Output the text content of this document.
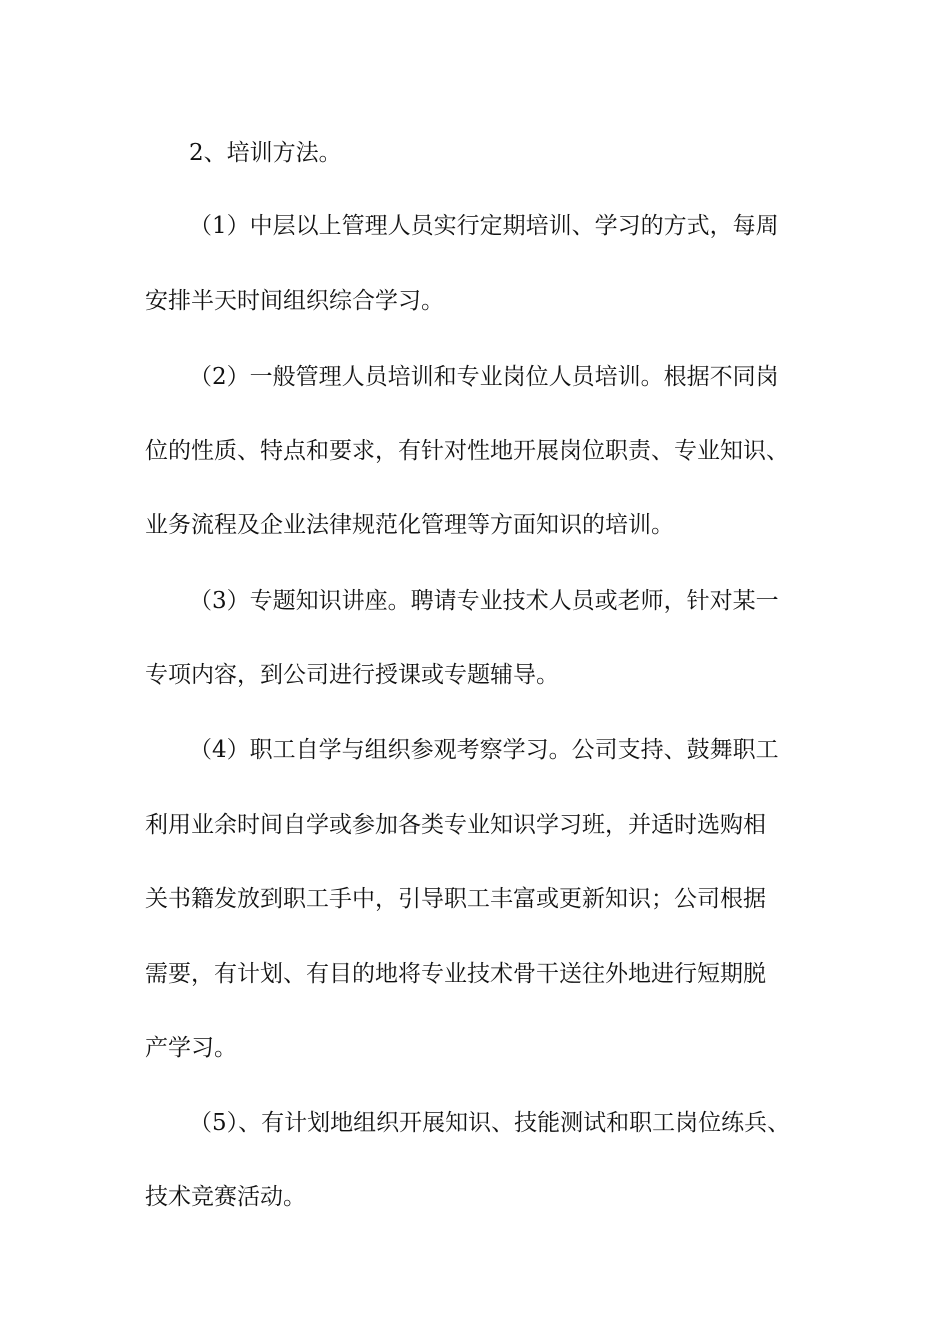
2、培训方法。

（1）中层以上管理人员实行定期培训、学习的方式，每周

安排半天时间组织综合学习。

（2）一般管理人员培训和专业岗位人员培训。根据不同岗

位的性质、特点和要求，有针对性地开展岗位职责、专业知识、

业务流程及企业法律规范化管理等方面知识的培训。

（3）专题知识讲座。聘请专业技术人员或老师，针对某一

专项内容，到公司进行授课或专题辅导。

（4）职工自学与组织参观考察学习。公司支持、鼓舞职工

利用业余时间自学或参加各类专业知识学习班，并适时选购相

关书籍发放到职工手中，引导职工丰富或更新知识；公司根据

需要，有计划、有目的地将专业技术骨干送往外地进行短期脱

产学习。

（5）、有计划地组织开展知识、技能测试和职工岗位练兵、

技术竞赛活动。
